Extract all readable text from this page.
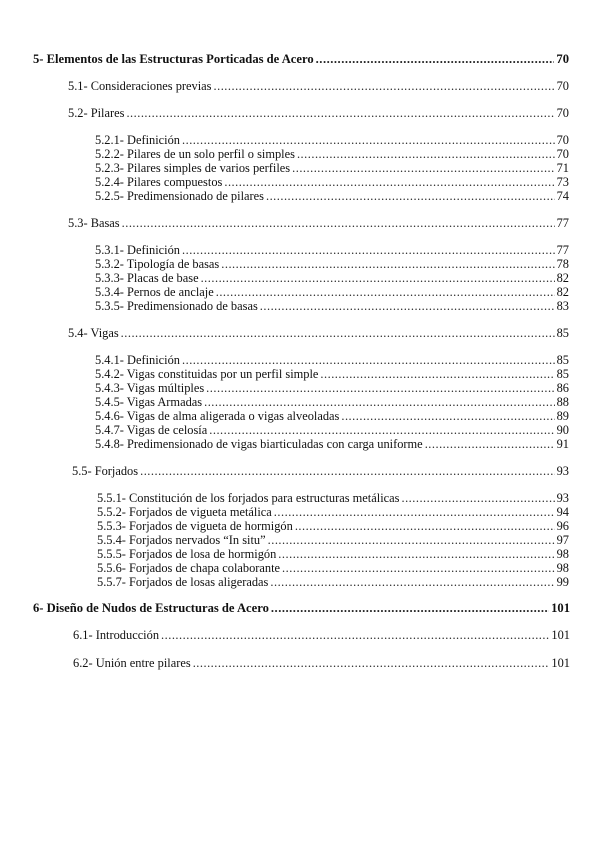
5- Elementos de las Estructuras Porticadas de Acero .....	70
5.1- Consideraciones previas .....	70
5.2- Pilares .....	70
5.2.1- Definición .....	70
5.2.2- Pilares de un solo perfil o simples .....	70
5.2.3- Pilares simples de varios perfiles .....	71
5.2.4- Pilares compuestos .....	73
5.2.5- Predimensionado de pilares .....	74
5.3- Basas .....	77
5.3.1- Definición .....	77
5.3.2- Tipología de basas .....	78
5.3.3- Placas de base .....	82
5.3.4- Pernos de anclaje .....	82
5.3.5- Predimensionado de basas .....	83
5.4- Vigas .....	85
5.4.1- Definición .....	85
5.4.2- Vigas constituidas por un perfil simple .....	85
5.4.3- Vigas múltiples .....	86
5.4.5- Vigas Armadas .....	88
5.4.6- Vigas de alma aligerada o vigas alveoladas .....	89
5.4.7- Vigas de celosía .....	90
5.4.8- Predimensionado de vigas biarticuladas con carga uniforme .....	91
5.5- Forjados .....	93
5.5.1- Constitución de los forjados para estructuras metálicas .....	93
5.5.2- Forjados de vigueta metálica .....	94
5.5.3- Forjados de vigueta de hormigón .....	96
5.5.4- Forjados nervados “In situ” .....	97
5.5.5- Forjados de losa de hormigón .....	98
5.5.6- Forjados de chapa colaborante .....	98
5.5.7- Forjados de losas aligeradas .....	99
6- Diseño de Nudos de Estructuras de Acero .....	101
6.1- Introducción .....	101
6.2- Unión entre pilares .....	101
